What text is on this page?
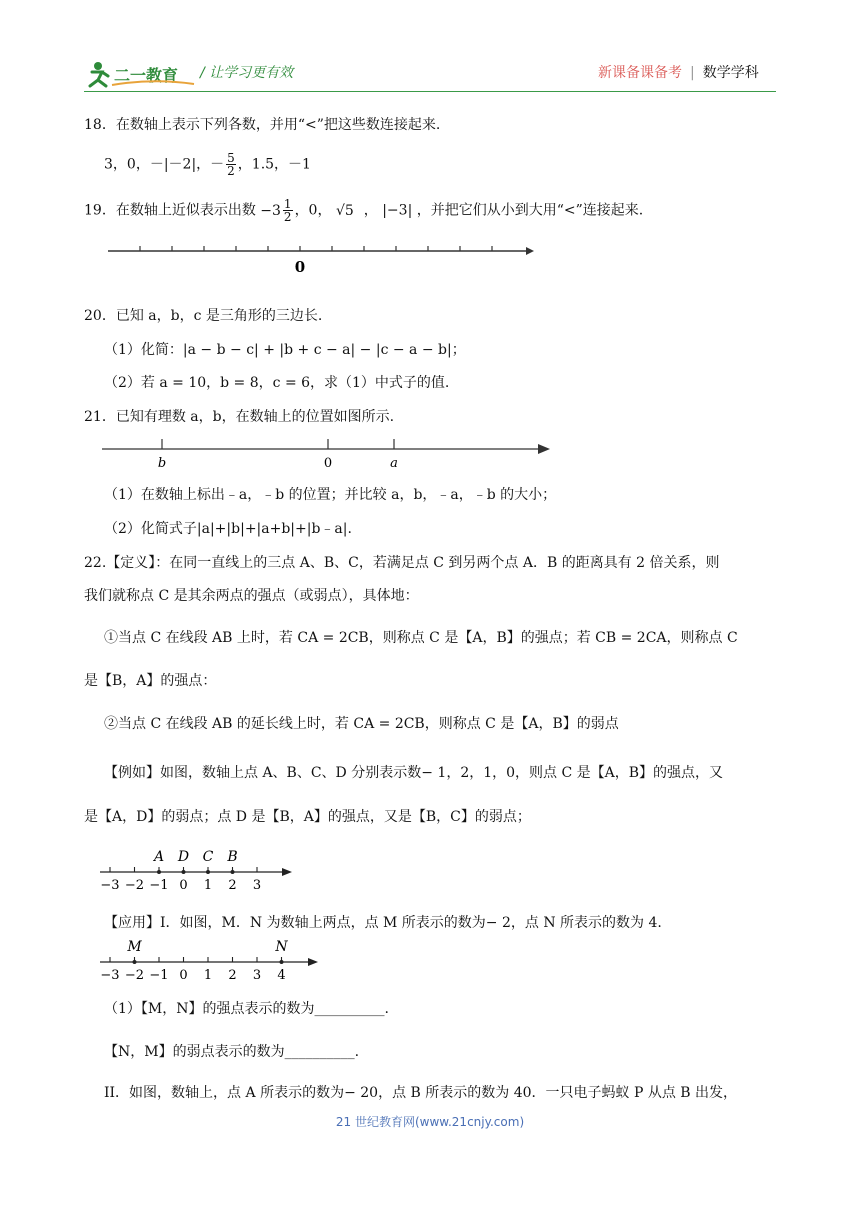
二一教育 / 让学习更有效	新课备课备考 | 数学学科
18．在数轴上表示下列各数，并用“<”把这些数连接起来.
3，0，－|－2|，－ $\frac{5}{2}$ ，1.5，－1
19．在数轴上近似表示出数 $-3 \frac{1}{2}$ ，0， √5 ， |−3| ，并把它们从小到大用“<”连接起来.
0
20．已知 a，b，c 是三角形的三边长.
（1）化简：|a − b − c| + |b + c − a| − |c − a − b|；
（2）若 a = 10，b = 8，c = 6，求（1）中式子的值.
21．已知有理数 a，b，在数轴上的位置如图所示.
b	0	a
（1）在数轴上标出﹣a，﹣b 的位置；并比较 a，b，﹣a，﹣b 的大小；
（2）化简式子|a|+|b|+|a+b|+|b﹣a|.
22.【定义】：在同一直线上的三点 A、B、C，若满足点 C 到另两个点 A．B 的距离具有 2 倍关系，则
我们就称点 C 是其余两点的强点（或弱点），具体地：
①当点 C 在线段 AB 上时，若 CA = 2CB，则称点 C 是【A，B】的强点；若 CB = 2CA，则称点 C
是【B，A】的强点：
②当点 C 在线段 AB 的延长线上时，若 CA = 2CB，则称点 C 是【A，B】的弱点
【例如】如图，数轴上点 A、B、C、D 分别表示数− 1，2，1，0，则点 C 是【A，B】的强点，又
是【A，D】的弱点；点 D 是【B，A】的强点，又是【B，C】的弱点；
−3 −2 −1 0 1 2 3
A D C B
【应用】I．如图，M．N 为数轴上两点，点 M 所表示的数为− 2，点 N 所表示的数为 4.
−3 −2 −1 0 1 2 3 4
M	N
（1）【M，N】的强点表示的数为__________.
【N，M】的弱点表示的数为__________.
II．如图，数轴上，点 A 所表示的数为− 20，点 B 所表示的数为 40．一只电子蚂蚁 P 从点 B 出发，
21 世纪教育网(www.21cnjy.com)
